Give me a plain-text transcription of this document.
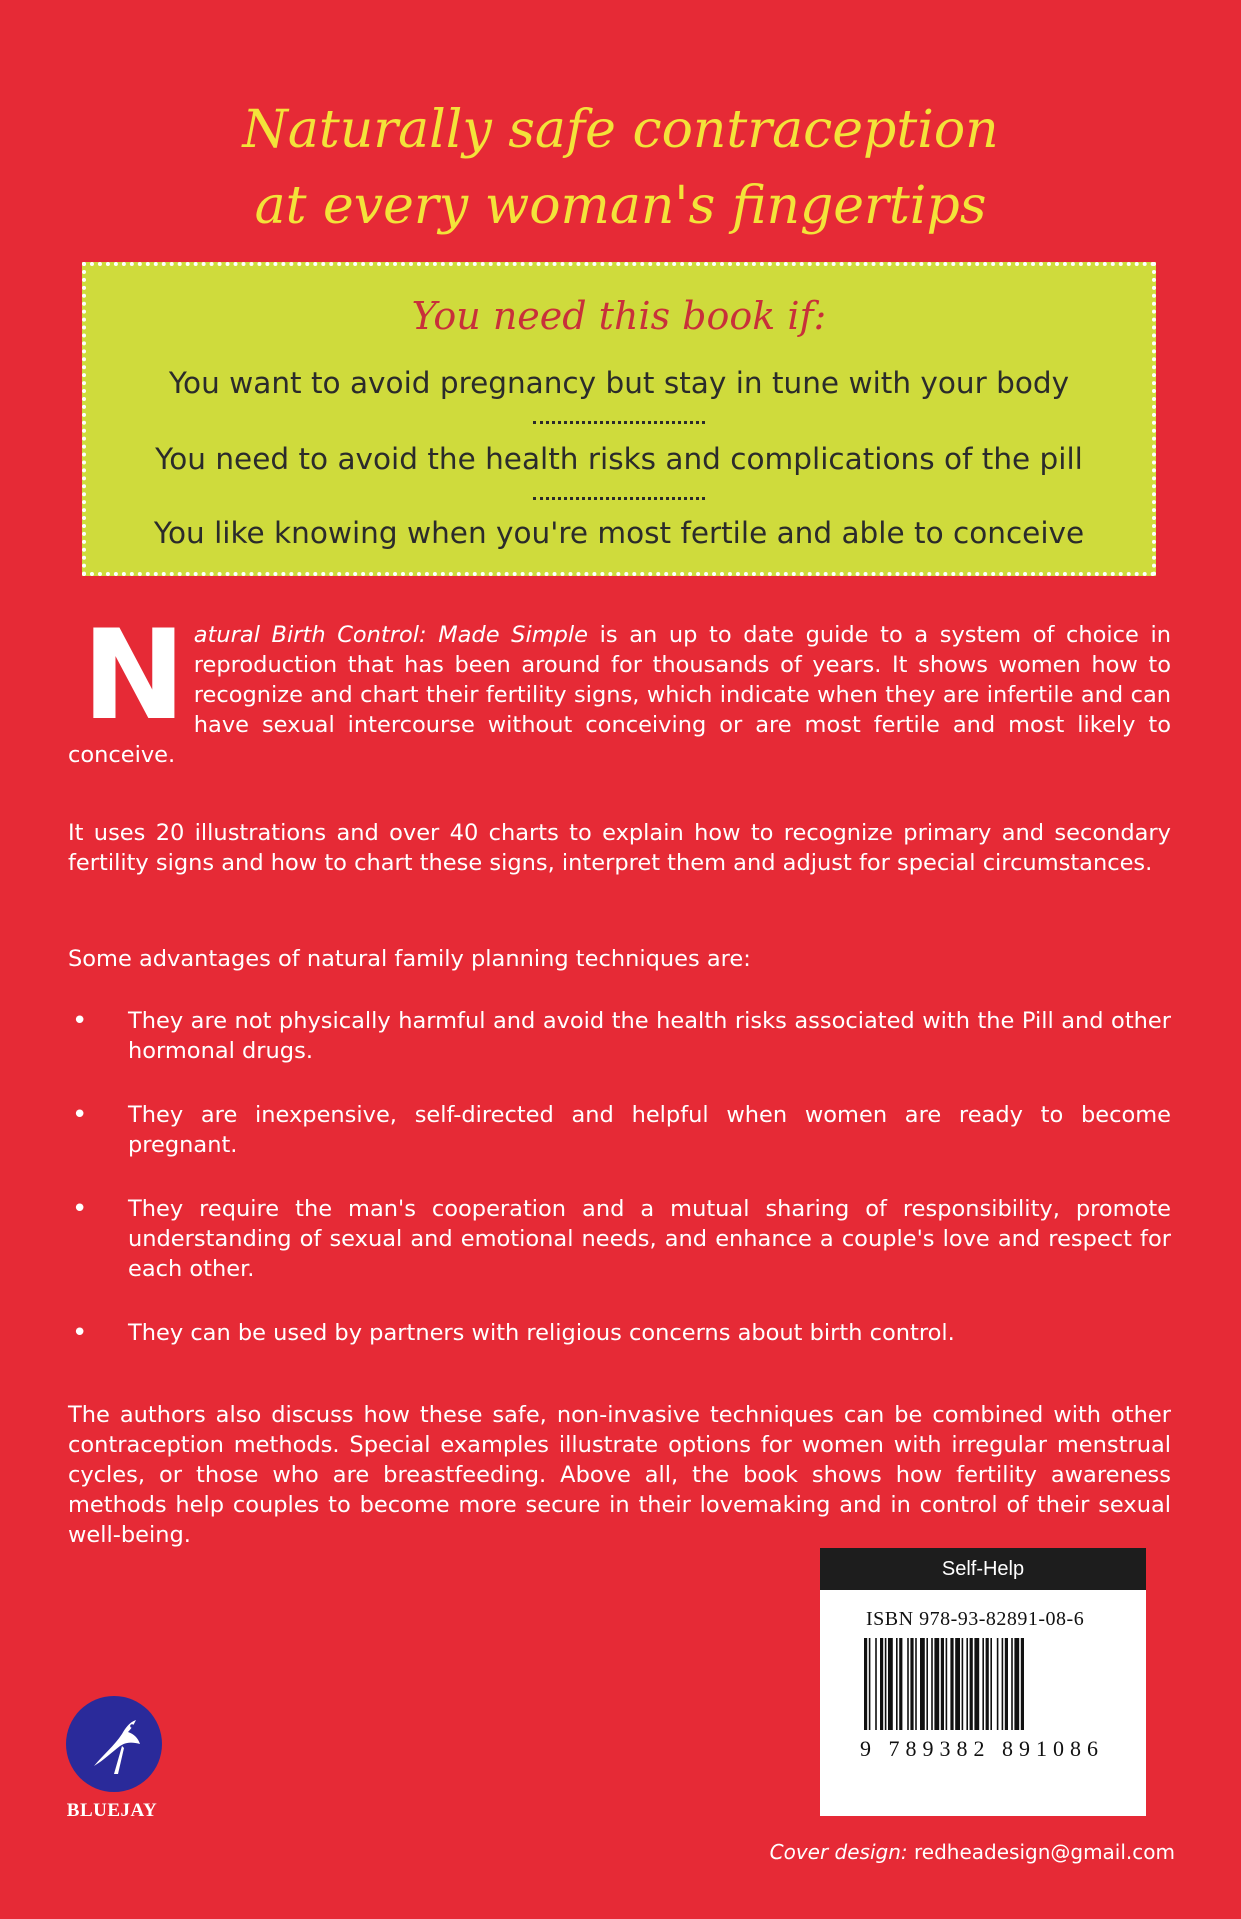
Naturally safe contraception
at every woman's fingertips
You need this book if:
You want to avoid pregnancy but stay in tune with your body
You need to avoid the health risks and complications of the pill
You like knowing when you're most fertile and able to conceive
Natural Birth Control: Made Simple is an up to date guide to a system of choice in reproduction that has been around for thousands of years. It shows women how to recognize and chart their fertility signs, which indicate when they are infertile and can have sexual intercourse without conceiving or are most fertile and most likely to conceive.
It uses 20 illustrations and over 40 charts to explain how to recognize primary and secondary fertility signs and how to chart these signs, interpret them and adjust for special circumstances.
Some advantages of natural family planning techniques are:
• They are not physically harmful and avoid the health risks associated with the Pill and other hormonal drugs.
• They are inexpensive, self-directed and helpful when women are ready to become pregnant.
• They require the man's cooperation and a mutual sharing of responsibility, promote understanding of sexual and emotional needs, and enhance a couple's love and respect for each other.
• They can be used by partners with religious concerns about birth control.
The authors also discuss how these safe, non-invasive techniques can be combined with other contraception methods. Special examples illustrate options for women with irregular menstrual cycles, or those who are breastfeeding. Above all, the book shows how fertility awareness methods help couples to become more secure in their lovemaking and in control of their sexual well-being.
Self-Help
ISBN 978-93-82891-08-6
9 789382 891086
BLUEJAY
Cover design: redheadesign@gmail.com
